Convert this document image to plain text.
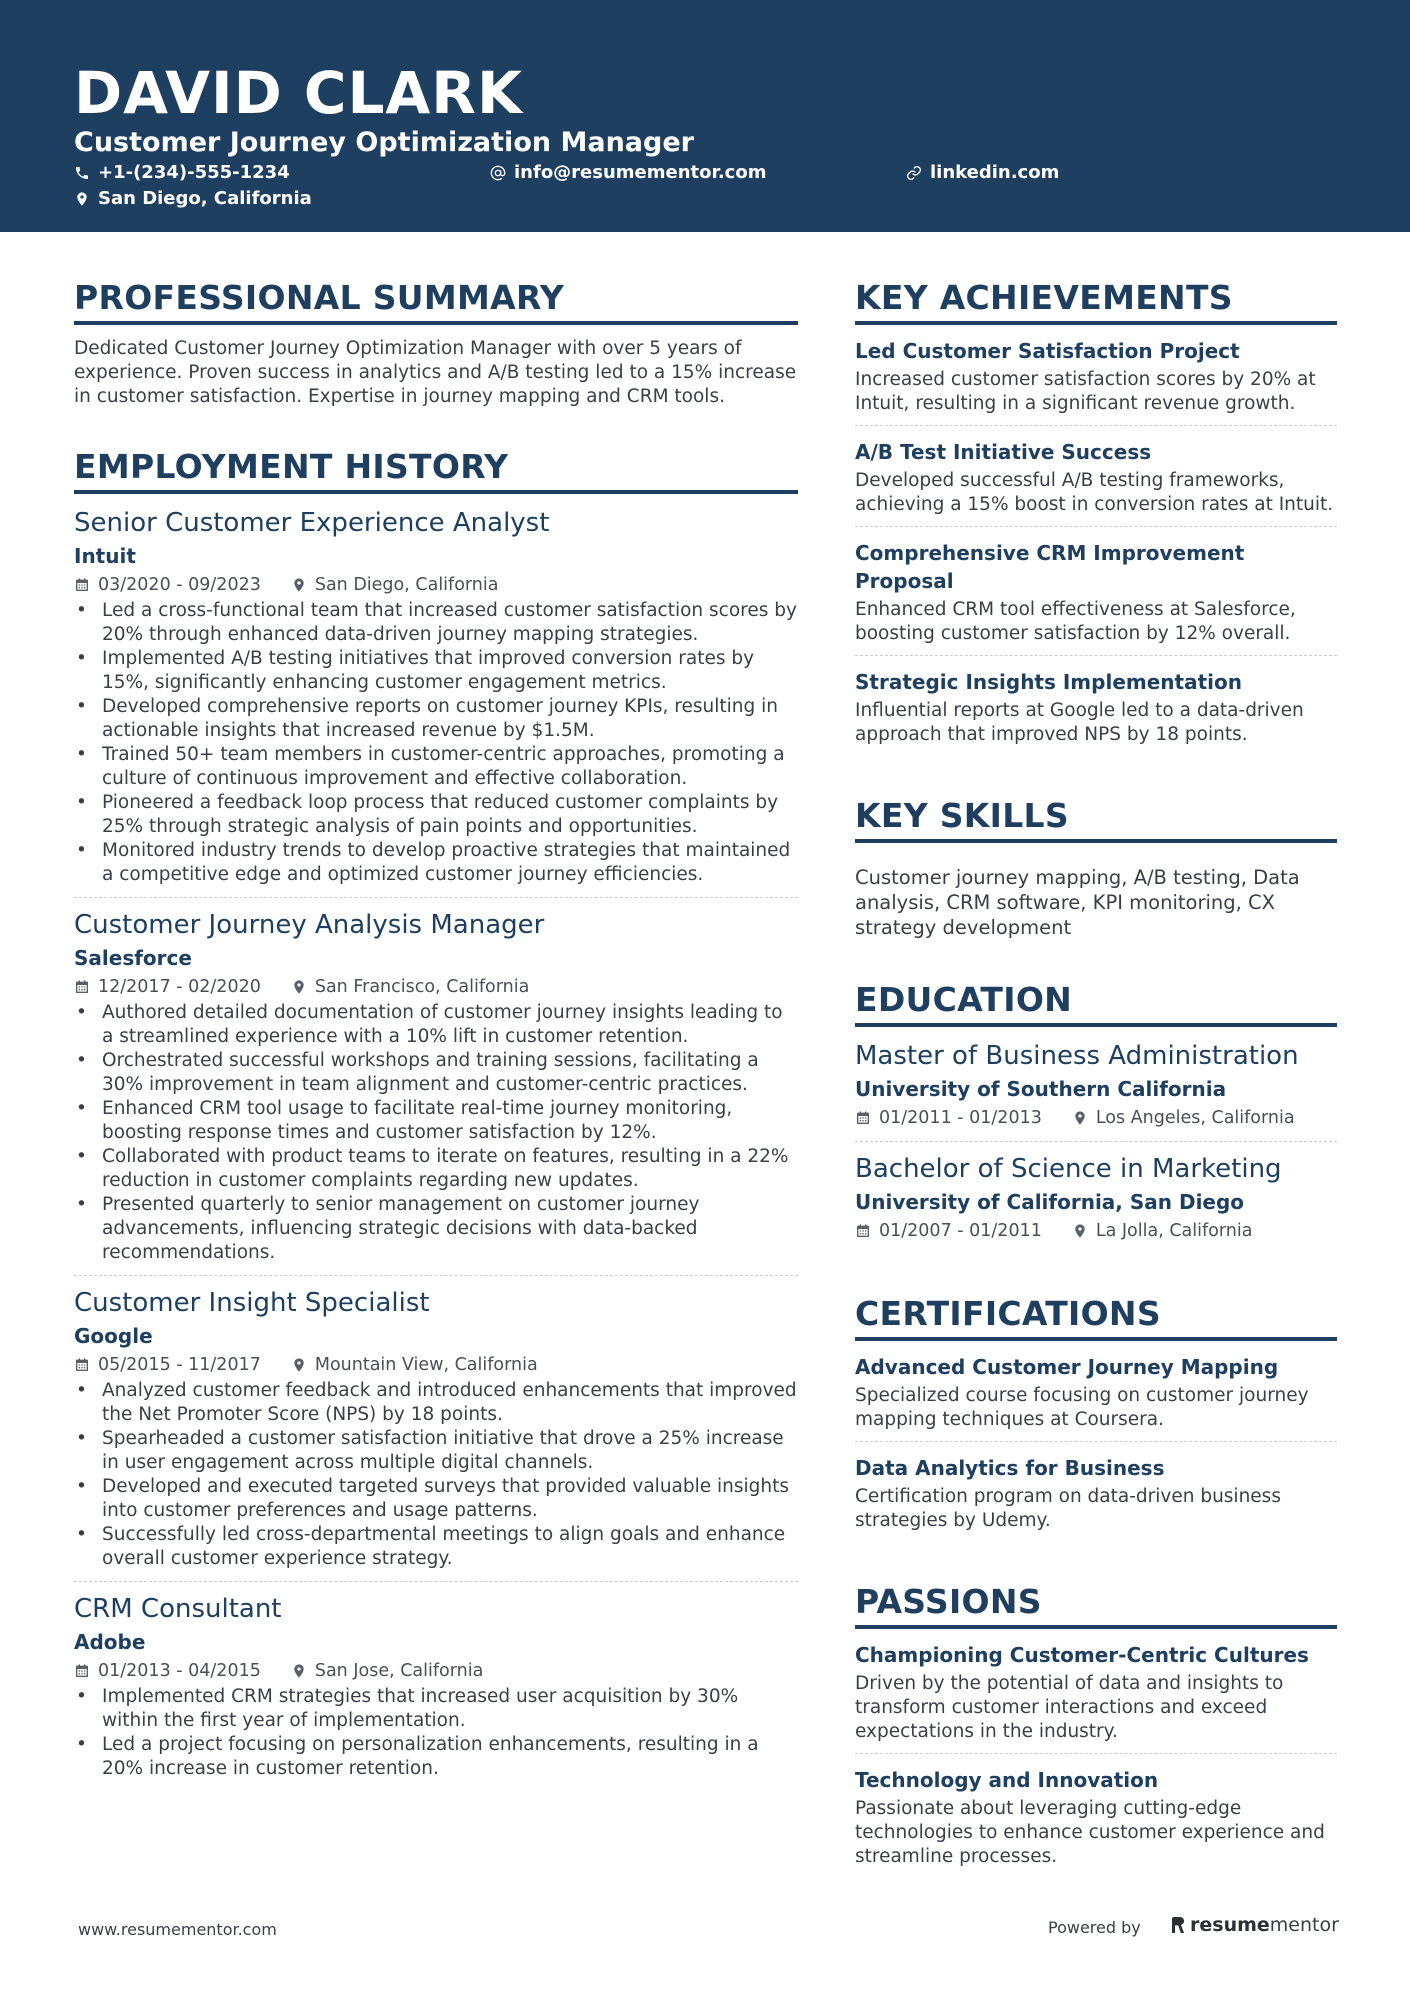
DAVID CLARK
Customer Journey Optimization Manager
+1-(234)-555-1234	info@resumementor.com	linkedin.com
San Diego, California
PROFESSIONAL SUMMARY
Dedicated Customer Journey Optimization Manager with over 5 years of experience. Proven success in analytics and A/B testing led to a 15% increase in customer satisfaction. Expertise in journey mapping and CRM tools.
EMPLOYMENT HISTORY
Senior Customer Experience Analyst
Intuit
03/2020 - 09/2023	San Diego, California
• Led a cross-functional team that increased customer satisfaction scores by 20% through enhanced data-driven journey mapping strategies.
• Implemented A/B testing initiatives that improved conversion rates by 15%, significantly enhancing customer engagement metrics.
• Developed comprehensive reports on customer journey KPIs, resulting in actionable insights that increased revenue by $1.5M.
• Trained 50+ team members in customer-centric approaches, promoting a culture of continuous improvement and effective collaboration.
• Pioneered a feedback loop process that reduced customer complaints by 25% through strategic analysis of pain points and opportunities.
• Monitored industry trends to develop proactive strategies that maintained a competitive edge and optimized customer journey efficiencies.
Customer Journey Analysis Manager
Salesforce
12/2017 - 02/2020	San Francisco, California
• Authored detailed documentation of customer journey insights leading to a streamlined experience with a 10% lift in customer retention.
• Orchestrated successful workshops and training sessions, facilitating a 30% improvement in team alignment and customer-centric practices.
• Enhanced CRM tool usage to facilitate real-time journey monitoring, boosting response times and customer satisfaction by 12%.
• Collaborated with product teams to iterate on features, resulting in a 22% reduction in customer complaints regarding new updates.
• Presented quarterly to senior management on customer journey advancements, influencing strategic decisions with data-backed recommendations.
Customer Insight Specialist
Google
05/2015 - 11/2017	Mountain View, California
• Analyzed customer feedback and introduced enhancements that improved the Net Promoter Score (NPS) by 18 points.
• Spearheaded a customer satisfaction initiative that drove a 25% increase in user engagement across multiple digital channels.
• Developed and executed targeted surveys that provided valuable insights into customer preferences and usage patterns.
• Successfully led cross-departmental meetings to align goals and enhance overall customer experience strategy.
CRM Consultant
Adobe
01/2013 - 04/2015	San Jose, California
• Implemented CRM strategies that increased user acquisition by 30% within the first year of implementation.
• Led a project focusing on personalization enhancements, resulting in a 20% increase in customer retention.
KEY ACHIEVEMENTS
Led Customer Satisfaction Project
Increased customer satisfaction scores by 20% at Intuit, resulting in a significant revenue growth.
A/B Test Initiative Success
Developed successful A/B testing frameworks, achieving a 15% boost in conversion rates at Intuit.
Comprehensive CRM Improvement Proposal
Enhanced CRM tool effectiveness at Salesforce, boosting customer satisfaction by 12% overall.
Strategic Insights Implementation
Influential reports at Google led to a data-driven approach that improved NPS by 18 points.
KEY SKILLS
Customer journey mapping, A/B testing, Data analysis, CRM software, KPI monitoring, CX strategy development
EDUCATION
Master of Business Administration
University of Southern California
01/2011 - 01/2013	Los Angeles, California
Bachelor of Science in Marketing
University of California, San Diego
01/2007 - 01/2011	La Jolla, California
CERTIFICATIONS
Advanced Customer Journey Mapping
Specialized course focusing on customer journey mapping techniques at Coursera.
Data Analytics for Business
Certification program on data-driven business strategies by Udemy.
PASSIONS
Championing Customer-Centric Cultures
Driven by the potential of data and insights to transform customer interactions and exceed expectations in the industry.
Technology and Innovation
Passionate about leveraging cutting-edge technologies to enhance customer experience and streamline processes.
www.resumementor.com	Powered by	resume mentor
